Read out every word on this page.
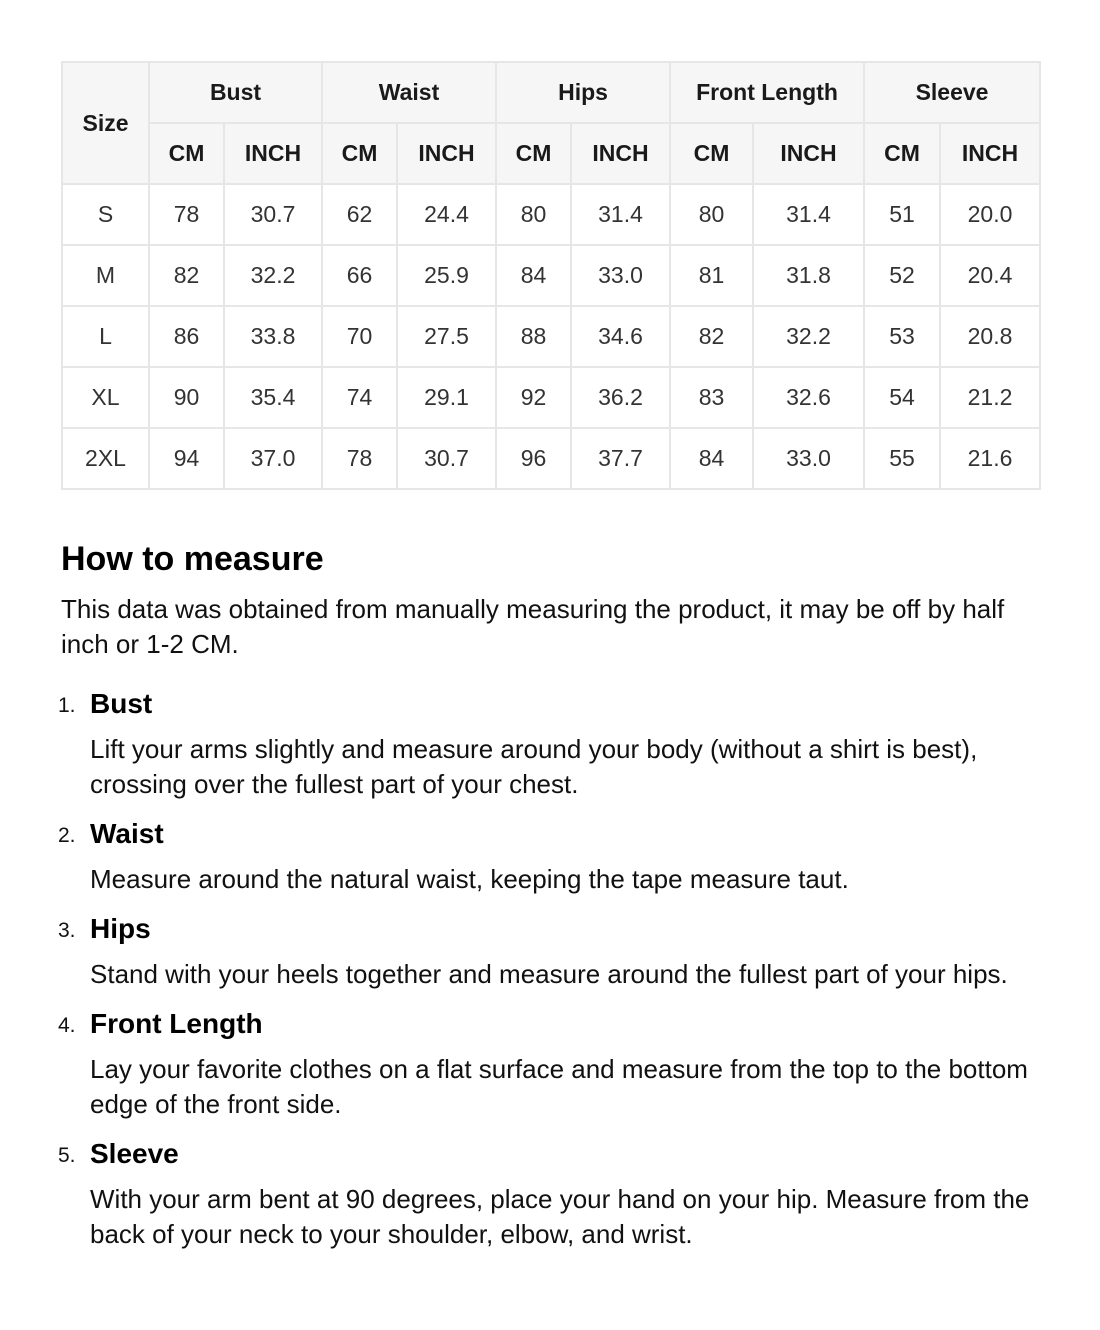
Size	Bust		Waist		Hips		Front Length		Sleeve	
	CM	INCH	CM	INCH	CM	INCH	CM	INCH	CM	INCH
S	78	30.7	62	24.4	80	31.4	80	31.4	51	20.0
M	82	32.2	66	25.9	84	33.0	81	31.8	52	20.4
L	86	33.8	70	27.5	88	34.6	82	32.2	53	20.8
XL	90	35.4	74	29.1	92	36.2	83	32.6	54	21.2
2XL	94	37.0	78	30.7	96	37.7	84	33.0	55	21.6
How to measure

This data was obtained from manually measuring the product, it may be off by half inch or 1-2 CM.

1. Bust
Lift your arms slightly and measure around your body (without a shirt is best), crossing over the fullest part of your chest.
2. Waist
Measure around the natural waist, keeping the tape measure taut.
3. Hips
Stand with your heels together and measure around the fullest part of your hips.
4. Front Length
Lay your favorite clothes on a flat surface and measure from the top to the bottom edge of the front side.
5. Sleeve
With your arm bent at 90 degrees, place your hand on your hip. Measure from the back of your neck to your shoulder, elbow, and wrist.
